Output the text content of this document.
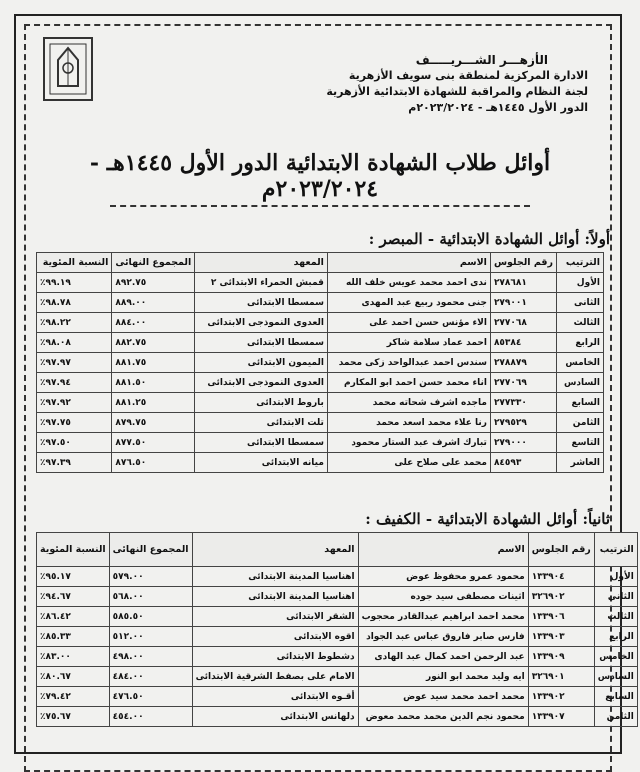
الأزهـــر الشـــريـــــف
الادارة المركزية لمنطقة بنى سويف الأزهرية
لجنة النظام والمراقبة للشهادة الابتدائية الأزهرية
الدور الأول ١٤٤٥هـ - ٢٠٢٣/٢٠٢٤م
أوائل طلاب الشهادة الابتدائية الدور الأول ١٤٤٥هـ - ٢٠٢٣/٢٠٢٤م
أولاً: أوائل الشهادة الابتدائية - المبصر :
الترتيب	رقم الجلوس	الاسم	المعهد	المجموع النهائى	النسبة المئوية
الأول	٢٧٨٦٨١	ندى احمد محمد عويس خلف الله	قمبش الحمراء الابتدائى ٢	٨٩٢.٧٥	٪٩٩.١٩
الثانى	٢٧٩٠٠١	جنى محمود ربيع عبد المهدى	سمسطا الابتدائى	٨٨٩.٠٠	٪٩٨.٧٨
الثالث	٢٧٧٠٦٨	الاء مؤنس حسن احمد على	العدوى النموذجى الابتدائى	٨٨٤.٠٠	٪٩٨.٢٢
الرابع	٨٥٣٨٤	احمد عماد سلامة شاكر	سمسطا الابتدائى	٨٨٢.٧٥	٪٩٨.٠٨
الخامس	٢٧٨٨٧٩	سندس احمد عبدالواحد زكى محمد	الميمون الابتدائى	٨٨١.٧٥	٪٩٧.٩٧
السادس	٢٧٧٠٦٩	اناء محمد حسن احمد ابو المكارم	العدوى النموذجى الابتدائى	٨٨١.٥٠	٪٩٧.٩٤
السابع	٢٧٧٣٣٠	ماجده اشرف شحاته محمد	باروط الابتدائى	٨٨١.٢٥	٪٩٧.٩٢
الثامن	٢٧٩٥٢٩	رنا علاء محمد اسعد محمد	تلت الابتدائى	٨٧٩.٧٥	٪٩٧.٧٥
التاسع	٢٧٩٠٠٠	تبارك اشرف عبد الستار محمود	سمسطا الابتدائى	٨٧٧.٥٠	٪٩٧.٥٠
العاشر	٨٤٥٩٣	محمد على صلاح على	ميانه الابتدائى	٨٧٦.٥٠	٪٩٧.٣٩
ثانياً: أوائل الشهادة الابتدائية - الكفيف :
الترتيب	رقم الجلوس	الاسم	المعهد	المجموع النهائى	النسبة المئوية
الأول	١٣٣٩٠٤	محمود عمرو محفوظ عوض	اهناسيا المدينة الابتدائى	٥٧٩.٠٠	٪٩٥.١٧
الثانى	٣٢٦٩٠٢	اثينات مصطفى سيد جوده	اهناسيا المدينة الابتدائى	٥٦٨.٠٠	٪٩٤.٦٧
الثالث	١٣٣٩٠٦	محمد احمد ابراهيم عبدالقادر محجوب	الشقر الابتدائى	٥٨٥.٥٠	٪٨٦.٤٢
الرابع	١٣٣٩٠٣	فارس صابر فاروق عباس عبد الجواد	اقوه الابتدائى	٥١٢.٠٠	٪٨٥.٣٣
الخامس	١٣٣٩٠٩	عبد الرحمن احمد كمال عبد الهادى	دشطوط الابتدائى	٤٩٨.٠٠	٪٨٣.٠٠
السادس	٣٢٦٩٠١	ايه وليد محمد ابو النور	الامام على بصفط الشرقية الابتدائى	٤٨٤.٠٠	٪٨٠.٦٧
السابع	١٣٣٩٠٢	محمد احمد محمد سيد عوض	أقـوه الابتدائى	٤٧٦.٥٠	٪٧٩.٤٢
الثامن	١٣٣٩٠٧	محمود نجم الدين محمد محمد معوض	دلهانس الابتدائى	٤٥٤.٠٠	٪٧٥.٦٧
